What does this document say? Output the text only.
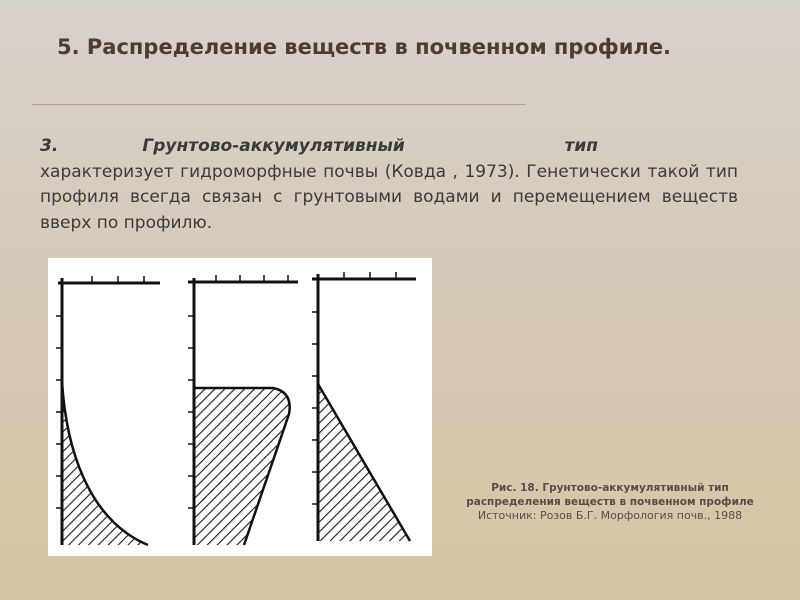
5. Распределение веществ в почвенном профиле.
3.	Грунтово-аккумулятивный	тип                  характеризует гидроморфные почвы (Ковда , 1973). Генетически такой тип профиля всегда связан с грунтовыми водами и перемещением веществ вверх по профилю.
Рис. 18. Грунтово-аккумулятивный тип распределения веществ в почвенном профиле
Источник: Розов Б.Г. Морфология почв., 1988
